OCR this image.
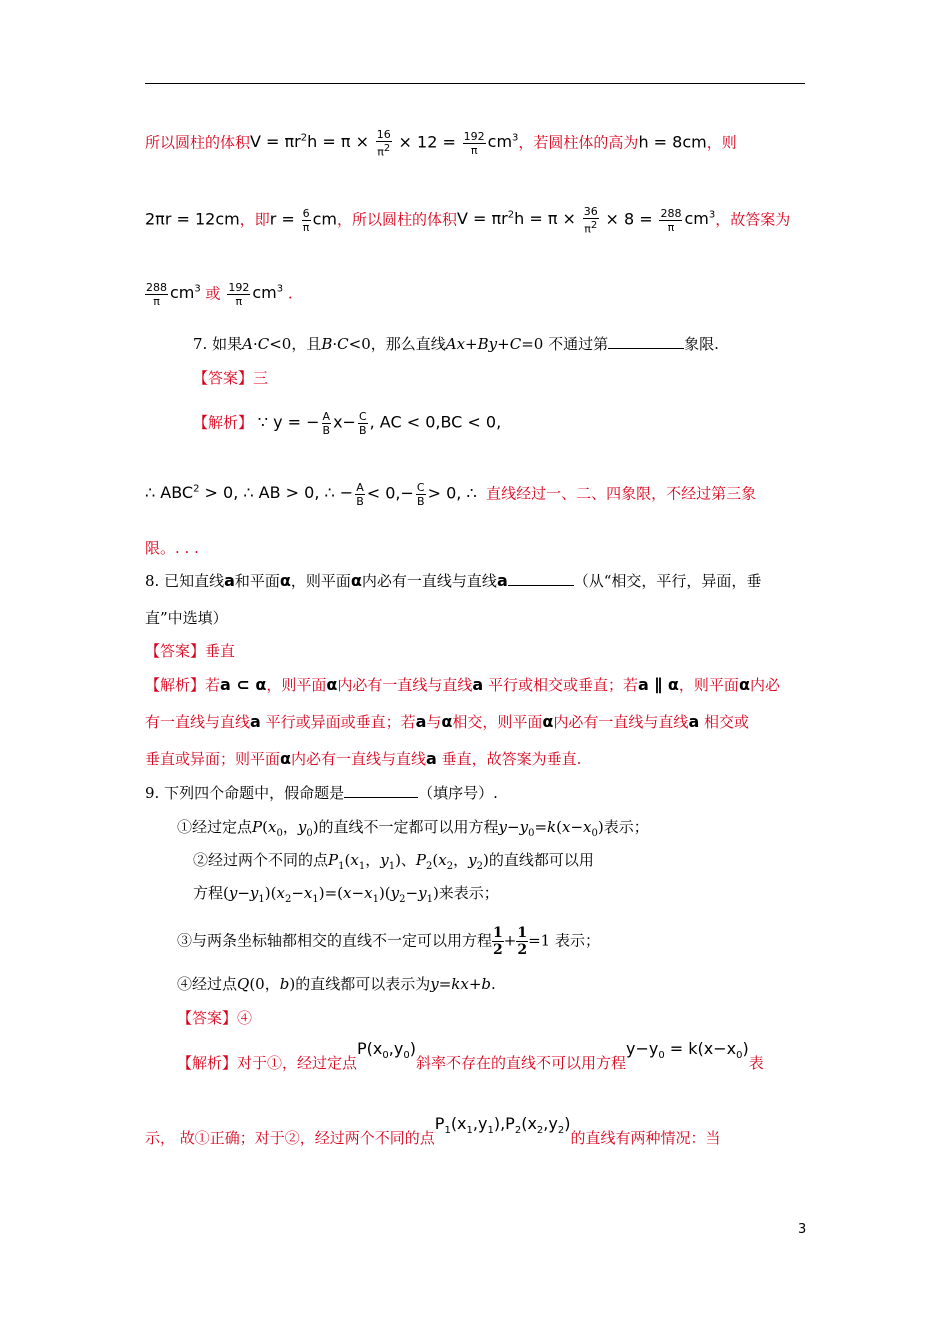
所以圆柱的体积$V = \pi r^2h = \pi \times \frac{16}{\pi^2} \times 12 = \frac{192}{\pi} cm^3$，若圆柱体的高为h = 8cm，则
2πr = 12cm，即$r = \frac{6}{\pi}$ cm，所以圆柱的体积$V = \pi r^2h = \pi \times \frac{36}{\pi^2} \times 8 = \frac{288}{\pi} cm^3$，故答案为
$\frac{288}{\pi} cm^3$ 或 $\frac{192}{\pi} cm^3$ .
7. 如果A·C<0，且B·C<0，那么直线Ax+By+C=0 不通过第	象限.
【答案】三
【解析】 ∵ y = − $\frac{A}{B} x- \frac{C}{B}$ , AC < 0,BC < 0,
∴ $ABC^2 > 0$, ∴ AB > 0, ∴ − $\frac{A}{B} < 0,- \frac{C}{B} > 0$, ∴ 直线经过一、二、四象限，不经过第三象
限。. . .
8. 已知直线a和平面α，则平面α内必有一直线与直线a	（从“相交，平行，异面，垂
直”中选填）
【答案】垂直
【解析】若a ⊂ α，则平面α内必有一直线与直线a 平行或相交或垂直；若a ∥ α，则平面α内必
有一直线与直线a 平行或异面或垂直；若a与α相交，则平面α内必有一直线与直线a 相交或
垂直或异面；则平面α内必有一直线与直线a 垂直，故答案为垂直.
9. 下列四个命题中，假命题是	（填序号）.
①经过定点$P(x_0$，$y_0$)的直线不一定都可以用方程$y-y_0=k(x-x_0)$表示；
②经过两个不同的点$P_1(x_1$，$y_1$)、$P_2(x_2$，$y_2$)的直线都可以用
方程$(y-y_1)(x_2-x_1)=(x-x_1)(y_2-y_1)$来表示；
③与两条坐标轴都相交的直线不一定可以用方程 $\frac{1}{2} + \frac{1}{2} =1$ 表示；
④经过点Q(0，b)的直线都可以表示为y=kx+b.
【答案】④
【解析】对于①，经过定点$P(x_0,y_0)$斜率不存在的直线不可以用方程$y-y_0 = k(x-x_0)$表
示， 故①正确；对于②，经过两个不同的点$P_1(x_1,y_1),P_2(x_2,y_2)$的直线有两种情况：当
3
